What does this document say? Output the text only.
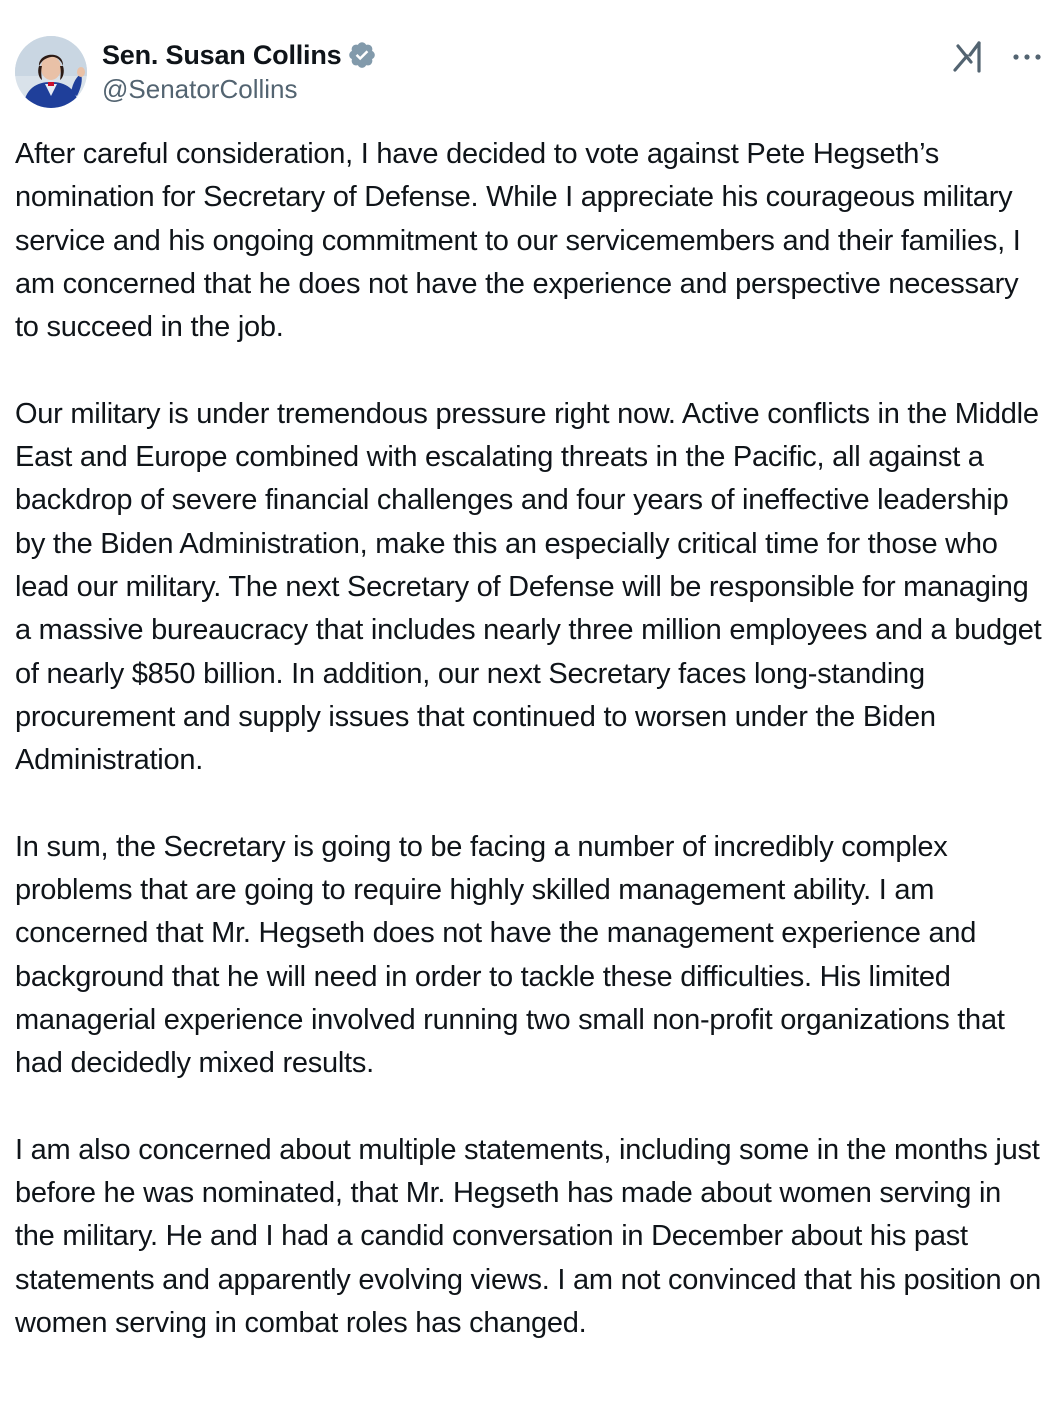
Sen. Susan Collins
@SenatorCollins

After careful consideration, I have decided to vote against Pete Hegseth’s nomination for Secretary of Defense. While I appreciate his courageous military service and his ongoing commitment to our servicemembers and their families, I am concerned that he does not have the experience and perspective necessary to succeed in the job.

Our military is under tremendous pressure right now. Active conflicts in the Middle East and Europe combined with escalating threats in the Pacific, all against a backdrop of severe financial challenges and four years of ineffective leadership by the Biden Administration, make this an especially critical time for those who lead our military. The next Secretary of Defense will be responsible for managing a massive bureaucracy that includes nearly three million employees and a budget of nearly $850 billion. In addition, our next Secretary faces long-standing procurement and supply issues that continued to worsen under the Biden Administration.

In sum, the Secretary is going to be facing a number of incredibly complex problems that are going to require highly skilled management ability. I am concerned that Mr. Hegseth does not have the management experience and background that he will need in order to tackle these difficulties. His limited managerial experience involved running two small non-profit organizations that had decidedly mixed results.

I am also concerned about multiple statements, including some in the months just before he was nominated, that Mr. Hegseth has made about women serving in the military. He and I had a candid conversation in December about his past statements and apparently evolving views. I am not convinced that his position on women serving in combat roles has changed.
